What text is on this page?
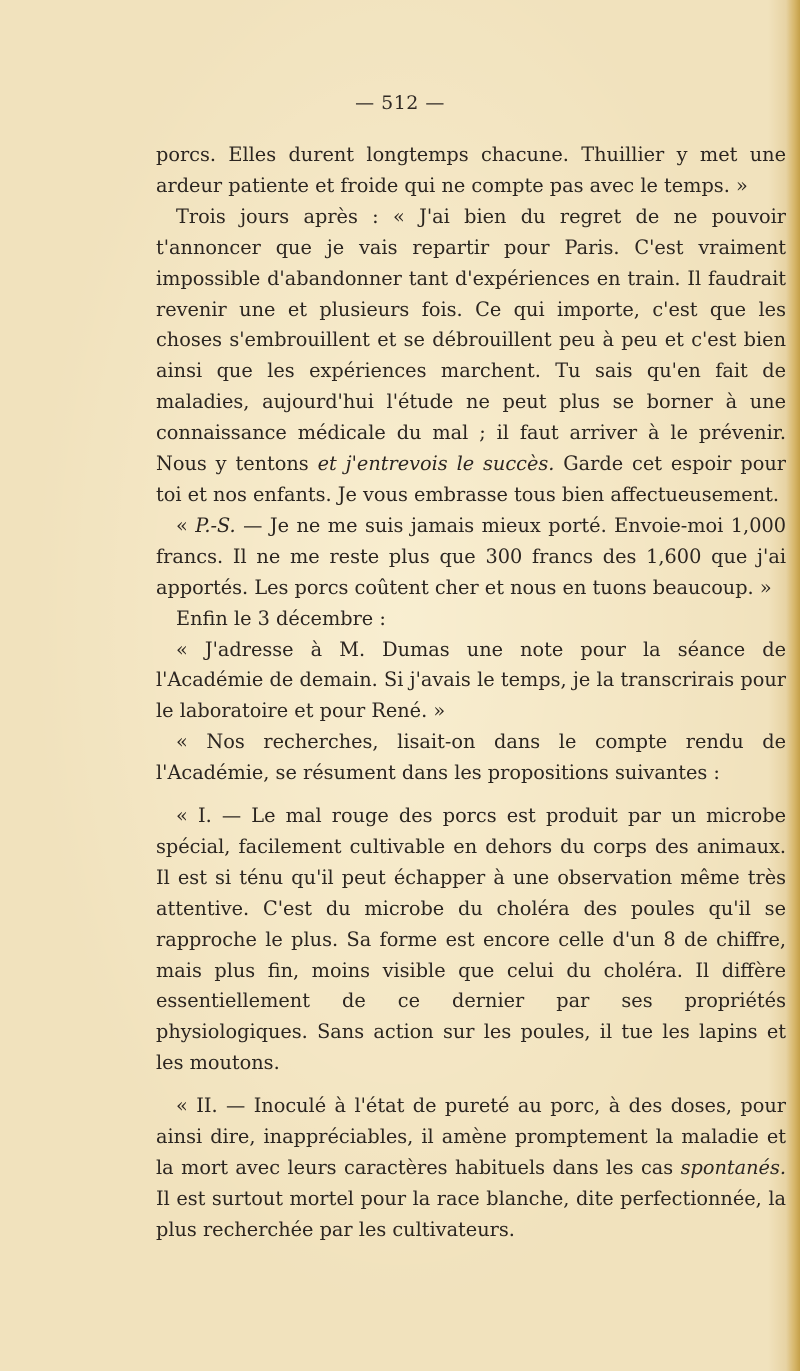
— 512 —

porcs. Elles durent longtemps chacune. Thuillier y met une ardeur patiente et froide qui ne compte pas avec le temps. »

Trois jours après : « J'ai bien du regret de ne pouvoir t'annoncer que je vais repartir pour Paris. C'est vraiment impossible d'abandonner tant d'expériences en train. Il faudrait revenir une et plusieurs fois. Ce qui importe, c'est que les choses s'embrouillent et se débrouillent peu à peu et c'est bien ainsi que les expériences marchent. Tu sais qu'en fait de maladies, aujourd'hui l'étude ne peut plus se borner à une connaissance médicale du mal ; il faut arriver à le prévenir. Nous y tentons et j'entrevois le succès. Garde cet espoir pour toi et nos enfants. Je vous embrasse tous bien affectueusement.

« P.-S. — Je ne me suis jamais mieux porté. Envoie-moi 1,000 francs. Il ne me reste plus que 300 francs des 1,600 que j'ai apportés. Les porcs coûtent cher et nous en tuons beaucoup. »

Enfin le 3 décembre :

« J'adresse à M. Dumas une note pour la séance de l'Académie de demain. Si j'avais le temps, je la transcrirais pour le laboratoire et pour René. »

« Nos recherches, lisait-on dans le compte rendu de l'Académie, se résument dans les propositions suivantes :

« I. — Le mal rouge des porcs est produit par un microbe spécial, facilement cultivable en dehors du corps des animaux. Il est si ténu qu'il peut échapper à une observation même très attentive. C'est du microbe du choléra des poules qu'il se rapproche le plus. Sa forme est encore celle d'un 8 de chiffre, mais plus fin, moins visible que celui du choléra. Il diffère essentiellement de ce dernier par ses propriétés physiologiques. Sans action sur les poules, il tue les lapins et les moutons.

« II. — Inoculé à l'état de pureté au porc, à des doses, pour ainsi dire, inappréciables, il amène promptement la maladie et la mort avec leurs caractères habituels dans les cas spontanés. Il est surtout mortel pour la race blanche, dite perfectionnée, la plus recherchée par les cultivateurs.
